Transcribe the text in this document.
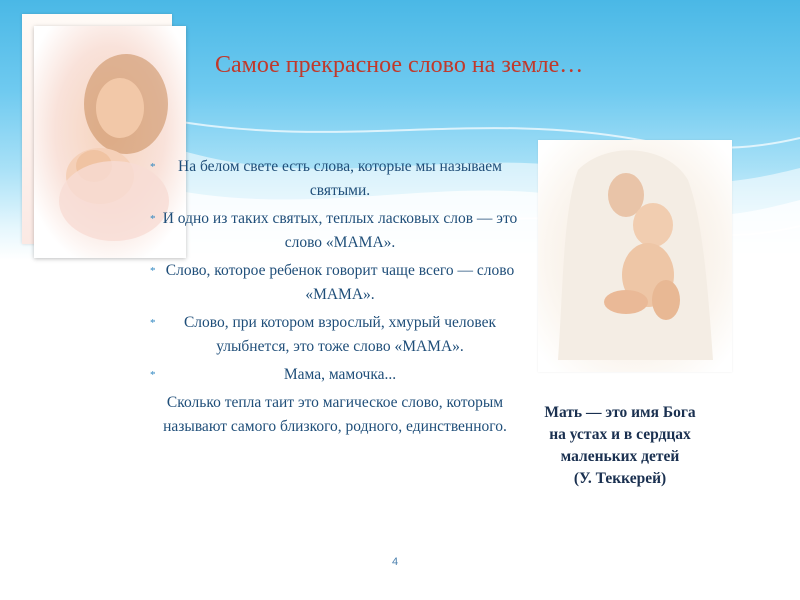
Самое прекрасное слово на земле…
* На белом свете есть слова, которые мы называем святыми.
* И одно из таких святых, теплых ласковых слов — это слово «МАМА».
* Слово, которое ребенок говорит чаще всего — слово «МАМА».
* Слово, при котором взрослый, хмурый человек улыбнется, это тоже слово «МАМА».
*	Мама, мамочка...
Сколько тепла таит это магическое слово, которым называют самого близкого, родного, единственного.
Мать — это имя Бога
на устах и в сердцах
маленьких детей
(У. Теккерей)
4
